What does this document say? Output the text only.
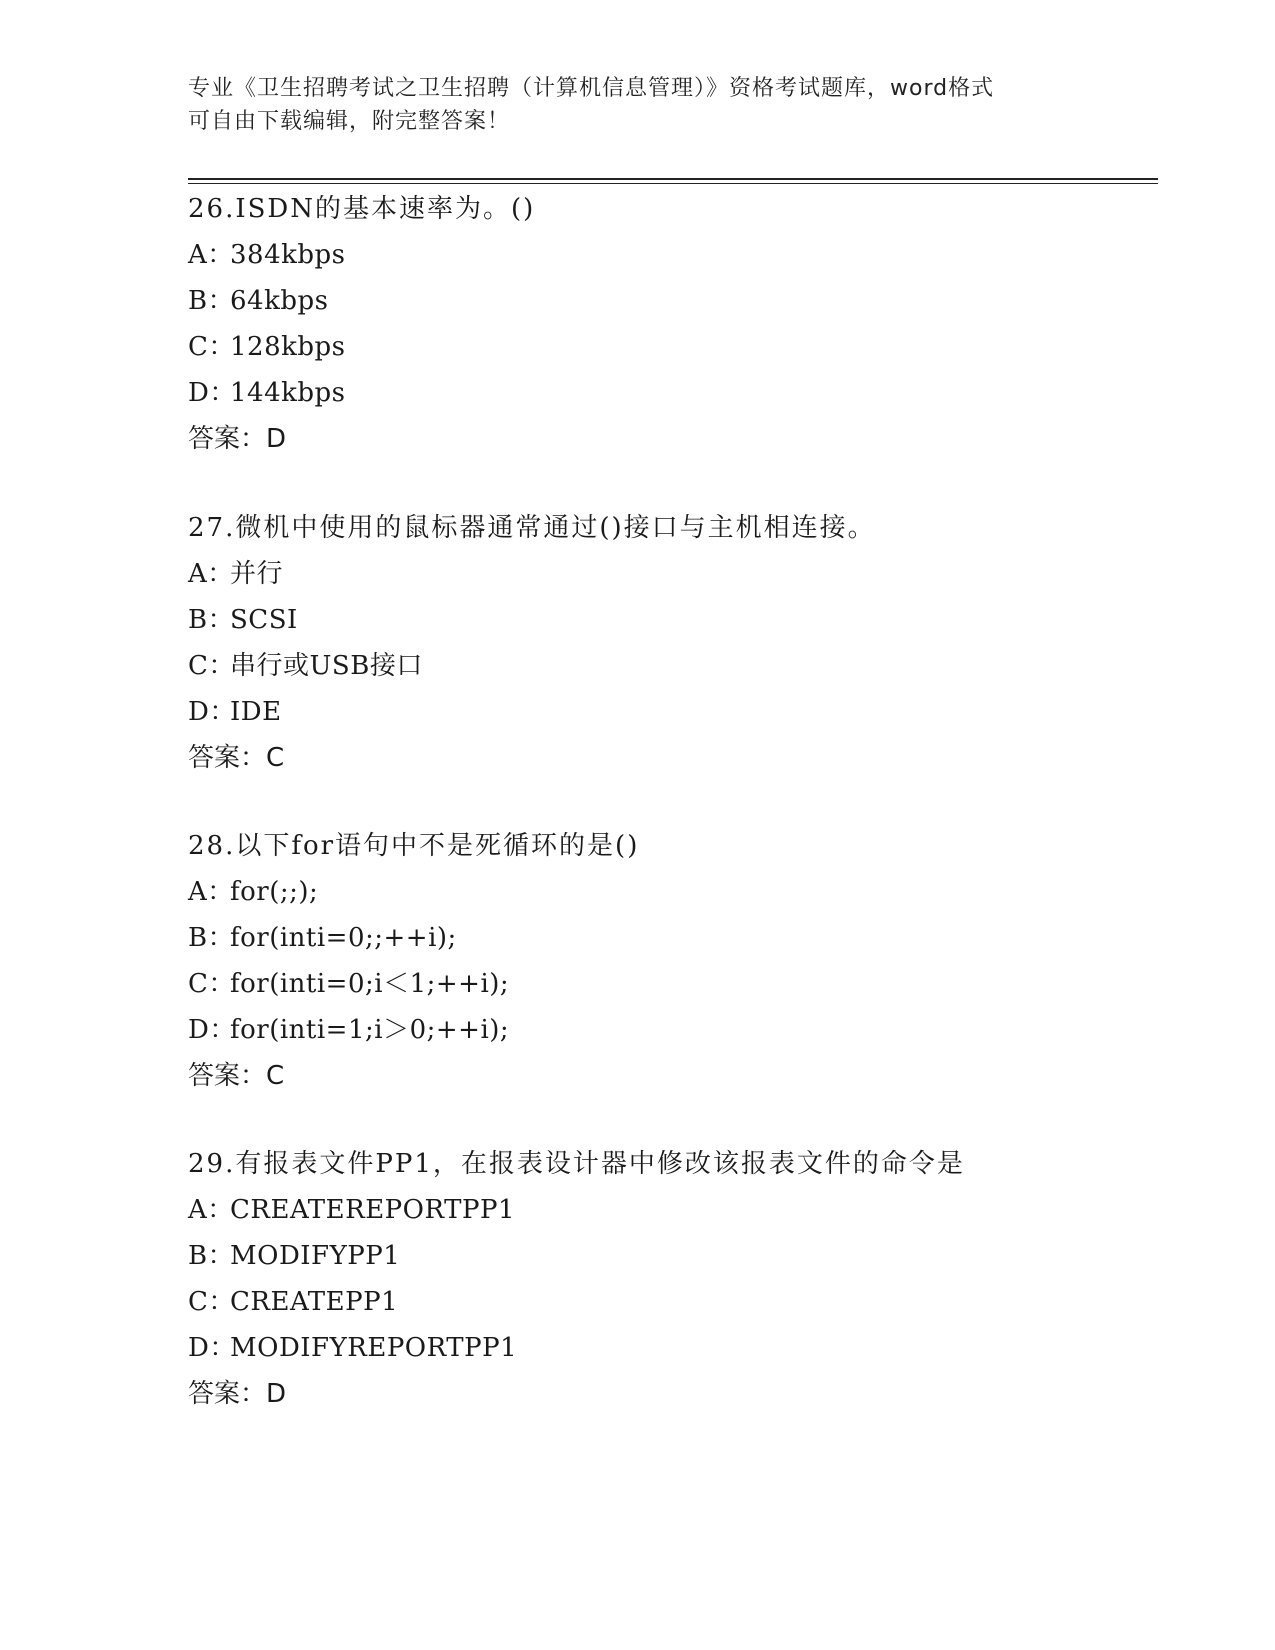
专业《卫生招聘考试之卫生招聘（计算机信息管理）》资格考试题库，word格式
可自由下载编辑，附完整答案！
26.ISDN的基本速率为。()
A：384kbps
B：64kbps
C：128kbps
D：144kbps
答案：D
27.微机中使用的鼠标器通常通过()接口与主机相连接。
A：并行
B：SCSI
C：串行或USB接口
D：IDE
答案：C
28.以下for语句中不是死循环的是()
A：for(;;);
B：for(inti=0;;++i);
C：for(inti=0;i＜1;++i);
D：for(inti=1;i＞0;++i);
答案：C
29.有报表文件PP1，在报表设计器中修改该报表文件的命令是
A：CREATEREPORTPP1
B：MODIFYPP1
C：CREATEPP1
D：MODIFYREPORTPP1
答案：D
